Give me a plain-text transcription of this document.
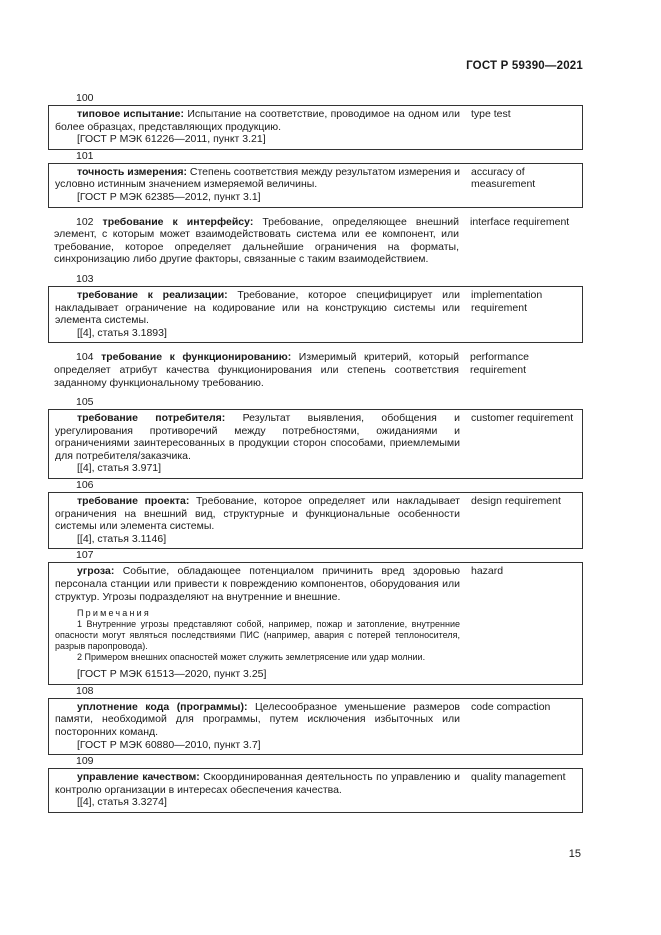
ГОСТ Р 59390—2021
100
типовое испытание: Испытание на соответствие, проводимое на одном или более образцах, представляющих продукцию.
[ГОСТ Р МЭК 61226—2011, пункт 3.21]
type test
101
точность измерения: Степень соответствия между результатом измерения и условно истинным значением измеряемой величины.
[ГОСТ Р МЭК 62385—2012, пункт 3.1]
accuracy of measurement
102 требование к интерфейсу: Требование, определяющее внешний элемент, с которым может взаимодействовать система или ее компонент, или требование, которое определяет дальнейшие ограничения на форматы, синхронизацию либо другие факторы, связанные с таким взаимодействием.
interface requirement
103
требование к реализации: Требование, которое специфицирует или накладывает ограничение на кодирование или на конструкцию системы или элемента системы.
[[4], статья 3.1893]
implementation requirement
104 требование к функционированию: Измеримый критерий, который определяет атрибут качества функционирования или степень соответствия заданному функциональному требованию.
performance requirement
105
требование потребителя: Результат выявления, обобщения и урегулирования противоречий между потребностями, ожиданиями и ограничениями заинтересованных в продукции сторон способами, приемлемыми для потребителя/заказчика.
[[4], статья 3.971]
customer requirement
106
требование проекта: Требование, которое определяет или накладывает ограничения на внешний вид, структурные и функциональные особенности системы или элемента системы.
[[4], статья 3.1146]
design requirement
107
угроза: Событие, обладающее потенциалом причинить вред здоровью персонала станции или привести к повреждению компонентов, оборудования или структур. Угрозы подразделяют на внутренние и внешние.
Примечания
1 Внутренние угрозы представляют собой, например, пожар и затопление, внутренние опасности могут являться последствиями ПИС (например, авария с потерей теплоносителя, разрыв паропровода).
2 Примером внешних опасностей может служить землетрясение или удар молнии.
[ГОСТ Р МЭК 61513—2020, пункт 3.25]
hazard
108
уплотнение кода (программы): Целесообразное уменьшение размеров памяти, необходимой для программы, путем исключения избыточных или посторонних команд.
[ГОСТ Р МЭК 60880—2010, пункт 3.7]
code compaction
109
управление качеством: Скоординированная деятельность по управлению и контролю организации в интересах обеспечения качества.
[[4], статья 3.3274]
quality management
15
